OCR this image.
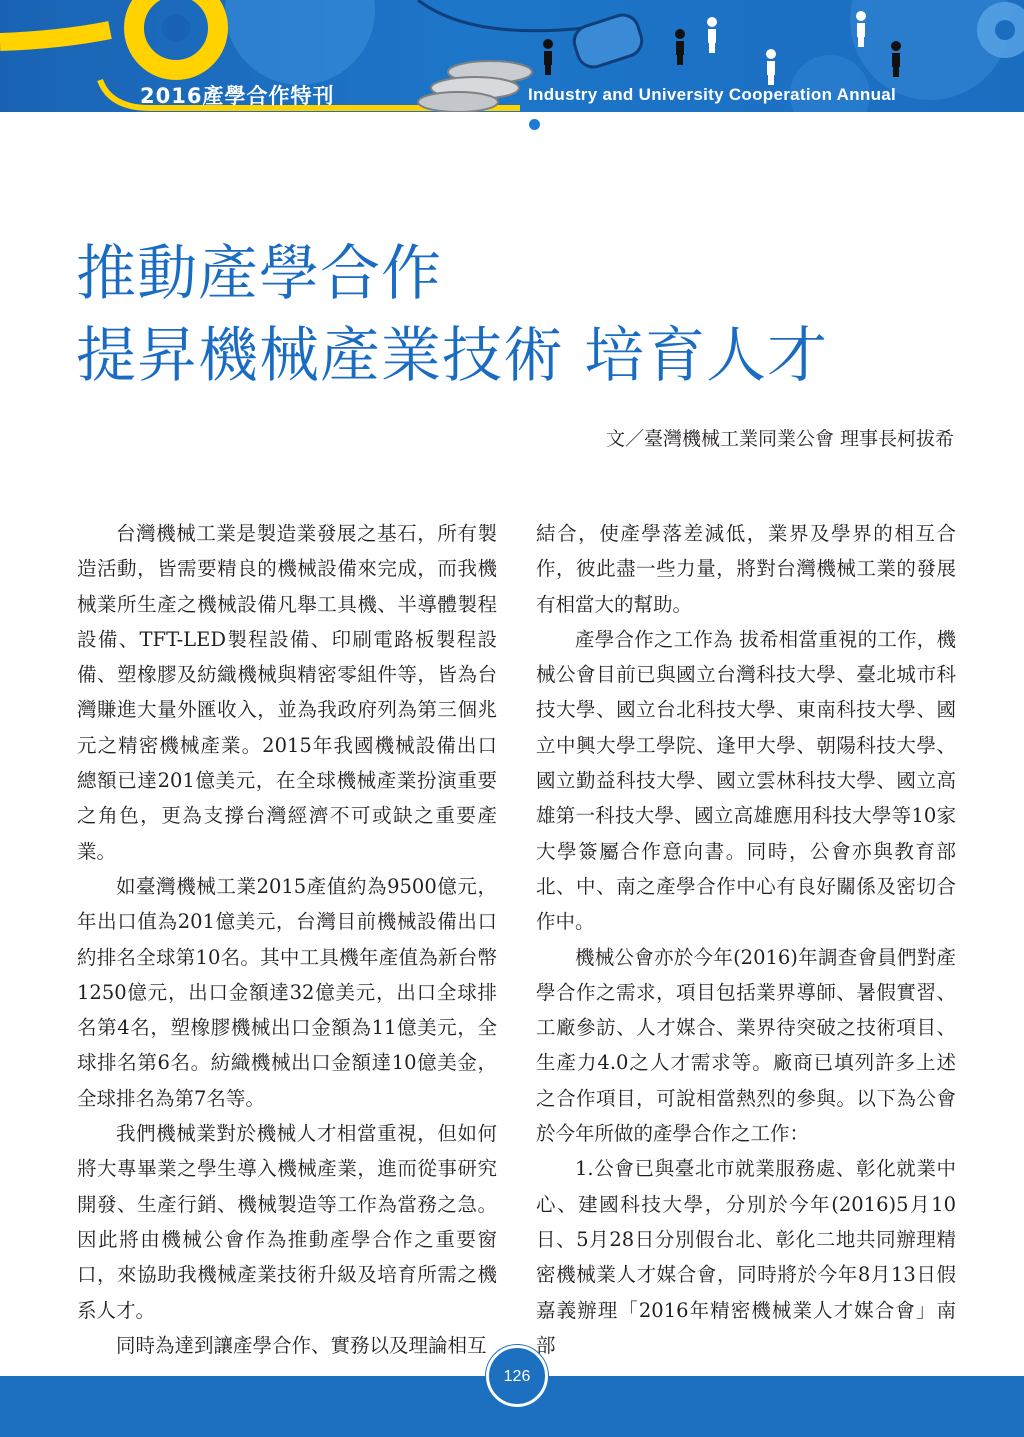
2016產學合作特刊	Industry and University Cooperation Annual
推動產學合作
提昇機械產業技術 培育人才
文／臺灣機械工業同業公會 理事長柯拔希

台灣機械工業是製造業發展之基石，所有製造活動，皆需要精良的機械設備來完成，而我機械業所生產之機械設備凡舉工具機、半導體製程設備、TFT-LED製程設備、印刷電路板製程設備、塑橡膠及紡織機械與精密零組件等，皆為台灣賺進大量外匯收入，並為我政府列為第三個兆元之精密機械產業。2015年我國機械設備出口總額已達201億美元，在全球機械產業扮演重要之角色，更為支撐台灣經濟不可或缺之重要產業。

如臺灣機械工業2015產值約為9500億元，年出口值為201億美元，台灣目前機械設備出口約排名全球第10名。其中工具機年產值為新台幣1250億元，出口金額達32億美元，出口全球排名第4名，塑橡膠機械出口金額為11億美元，全球排名第6名。紡織機械出口金額達10億美金，全球排名為第7名等。

我們機械業對於機械人才相當重視，但如何將大專畢業之學生導入機械產業，進而從事研究開發、生產行銷、機械製造等工作為當務之急。因此將由機械公會作為推動產學合作之重要窗口，來協助我機械產業技術升級及培育所需之機系人才。

同時為達到讓產學合作、實務以及理論相互

結合，使產學落差減低，業界及學界的相互合作，彼此盡一些力量，將對台灣機械工業的發展有相當大的幫助。

產學合作之工作為 拔希相當重視的工作，機械公會目前已與國立台灣科技大學、臺北城市科技大學、國立台北科技大學、東南科技大學、國立中興大學工學院、逢甲大學、朝陽科技大學、國立勤益科技大學、國立雲林科技大學、國立高雄第一科技大學、國立高雄應用科技大學等10家大學簽屬合作意向書。同時，公會亦與教育部北、中、南之產學合作中心有良好關係及密切合作中。

機械公會亦於今年(2016)年調查會員們對產學合作之需求，項目包括業界導師、暑假實習、工廠參訪、人才媒合、業界待突破之技術項目、生產力4.0之人才需求等。廠商已填列許多上述之合作項目，可說相當熱烈的參與。以下為公會於今年所做的產學合作之工作：

1.公會已與臺北市就業服務處、彰化就業中心、建國科技大學，分別於今年(2016)5月10日、5月28日分別假台北、彰化二地共同辦理精密機械業人才媒合會，同時將於今年8月13日假嘉義辦理「2016年精密機械業人才媒合會」南部

126
